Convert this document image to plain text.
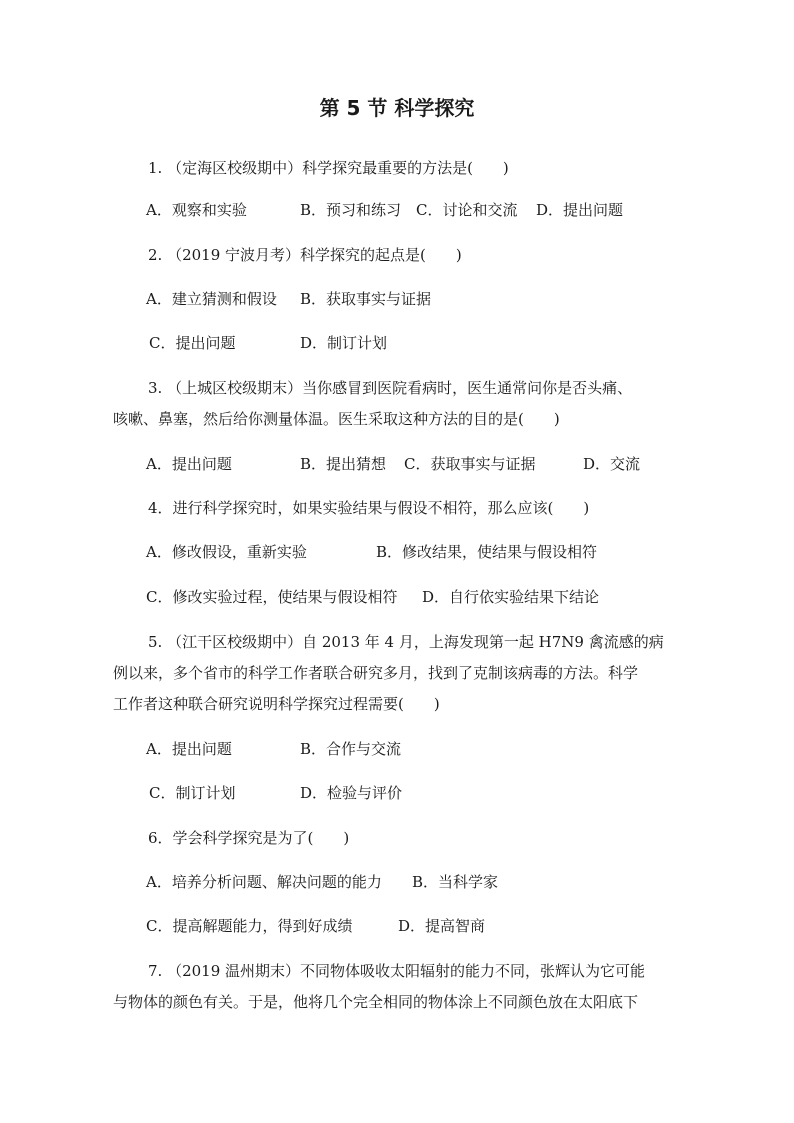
第 5 节 科学探究
1. （定海区校级期中）科学探究最重要的方法是(　　)
A．观察和实验	B．预习和练习 C．讨论和交流 D．提出问题
2. （2019 宁波月考）科学探究的起点是(　　)
A．建立猜测和假设 B．获取事实与证据
C．提出问题	D．制订计划
3. （上城区校级期末）当你感冒到医院看病时，医生通常问你是否头痛、
咳嗽、鼻塞，然后给你测量体温。医生采取这种方法的目的是(　　)
A．提出问题	B．提出猜想 C．获取事实与证据	D．交流
4．进行科学探究时，如果实验结果与假设不相符，那么应该(　　)
A．修改假设，重新实验	B．修改结果，使结果与假设相符
C．修改实验过程，使结果与假设相符 D．自行依实验结果下结论
5. （江干区校级期中）自 2013 年 4 月，上海发现第一起 H7N9 禽流感的病
例以来，多个省市的科学工作者联合研究多月，找到了克制该病毒的方法。科学
工作者这种联合研究说明科学探究过程需要(　　)
A．提出问题	B．合作与交流
C．制订计划	D．检验与评价
6．学会科学探究是为了(　　)
A．培养分析问题、解决问题的能力 B．当科学家
C．提高解题能力，得到好成绩	D．提高智商
7. （2019 温州期末）不同物体吸收太阳辐射的能力不同，张辉认为它可能
与物体的颜色有关。于是，他将几个完全相同的物体涂上不同颜色放在太阳底下
